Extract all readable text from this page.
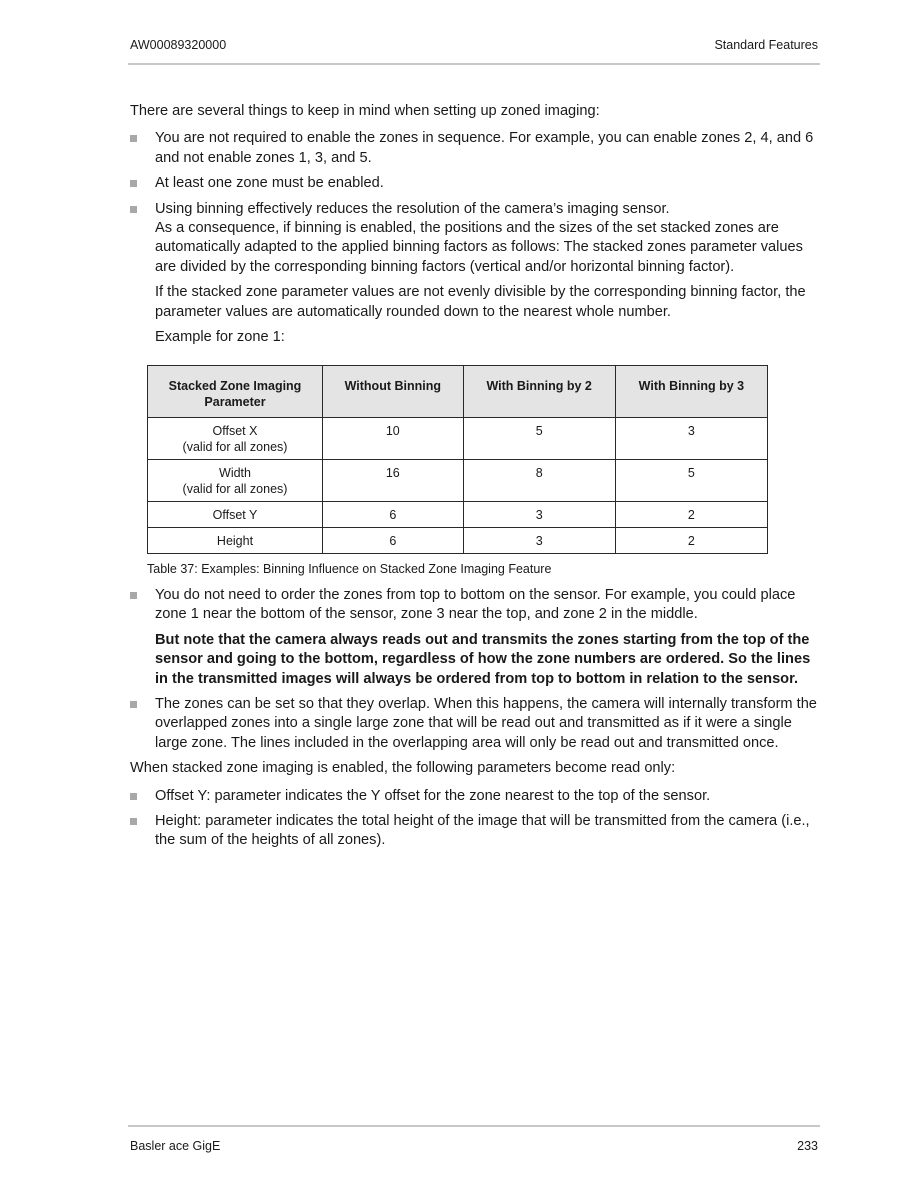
AW00089320000	Standard Features

There are several things to keep in mind when setting up zoned imaging:

You are not required to enable the zones in sequence. For example, you can enable zones 2, 4, and 6 and not enable zones 1, 3, and 5.
At least one zone must be enabled.

Using binning effectively reduces the resolution of the camera’s imaging sensor.

As a consequence, if binning is enabled, the positions and the sizes of the set stacked zones are automatically adapted to the applied binning factors as follows: The stacked zones parameter values are divided by the corresponding binning factors (vertical and/or horizontal binning factor).

If the stacked zone parameter values are not evenly divisible by the corresponding binning factor, the parameter values are automatically rounded down to the nearest whole number.

Example for zone 1:

Stacked Zone Imaging Parameter	Without Binning	With Binning by 2	With Binning by 3

Offset X
(valid for all zones)	10	5	3

Width
(valid for all zones)	16	8	5
Offset Y	6	3	2
Height	6	3	2
Table 37: Examples: Binning Influence on Stacked Zone Imaging Feature

You do not need to order the zones from top to bottom on the sensor. For example, you could place zone 1 near the bottom of the sensor, zone 3 near the top, and zone 2 in the middle.

But note that the camera always reads out and transmits the zones starting from the top of the sensor and going to the bottom, regardless of how the zone numbers are ordered. So the lines in the transmitted images will always be ordered from top to bottom in relation to the sensor.

The zones can be set so that they overlap. When this happens, the camera will internally transform the overlapped zones into a single large zone that will be read out and transmitted as if it were a single large zone. The lines included in the overlapping area will only be read out and transmitted once.

When stacked zone imaging is enabled, the following parameters become read only:

Offset Y: parameter indicates the Y offset for the zone nearest to the top of the sensor.
Height: parameter indicates the total height of the image that will be transmitted from the camera (i.e., the sum of the heights of all zones).
Basler ace GigE	233
